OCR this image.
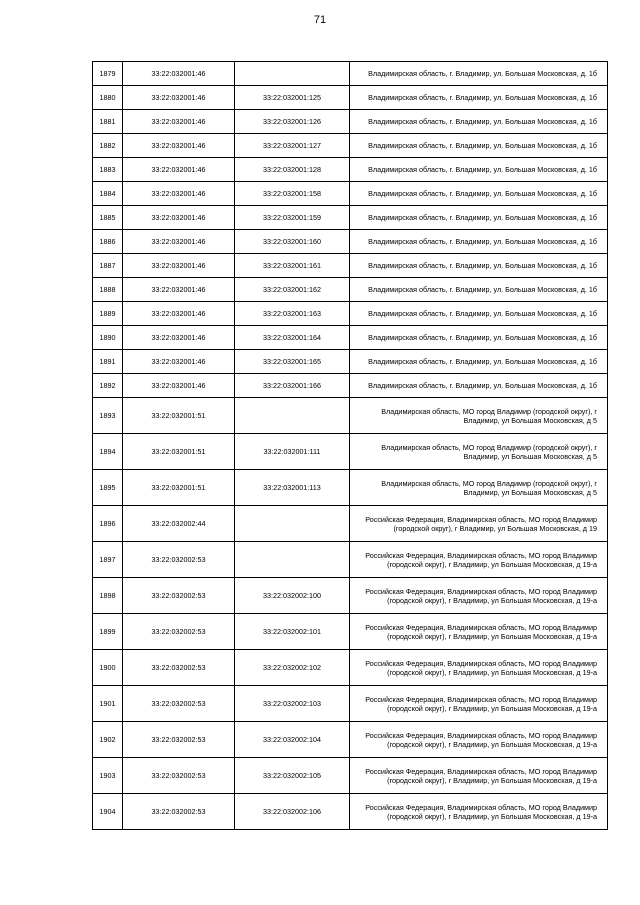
71
1879	33:22:032001:46		Владимирская область, г. Владимир, ул. Большая Московская, д. 1б
1880	33:22:032001:46	33:22:032001:125	Владимирская область, г. Владимир, ул. Большая Московская, д. 1б
1881	33:22:032001:46	33:22:032001:126	Владимирская область, г. Владимир, ул. Большая Московская, д. 1б
1882	33:22:032001:46	33:22:032001:127	Владимирская область, г. Владимир, ул. Большая Московская, д. 1б
1883	33:22:032001:46	33:22:032001:128	Владимирская область, г. Владимир, ул. Большая Московская, д. 1б
1884	33:22:032001:46	33:22:032001:158	Владимирская область, г. Владимир, ул. Большая Московская, д. 1б
1885	33:22:032001:46	33:22:032001:159	Владимирская область, г. Владимир, ул. Большая Московская, д. 1б
1886	33:22:032001:46	33:22:032001:160	Владимирская область, г. Владимир, ул. Большая Московская, д. 1б
1887	33:22:032001:46	33:22:032001:161	Владимирская область, г. Владимир, ул. Большая Московская, д. 1б
1888	33:22:032001:46	33:22:032001:162	Владимирская область, г. Владимир, ул. Большая Московская, д. 1б
1889	33:22:032001:46	33:22:032001:163	Владимирская область, г. Владимир, ул. Большая Московская, д. 1б
1890	33:22:032001:46	33:22:032001:164	Владимирская область, г. Владимир, ул. Большая Московская, д. 1б
1891	33:22:032001:46	33:22:032001:165	Владимирская область, г. Владимир, ул. Большая Московская, д. 1б
1892	33:22:032001:46	33:22:032001:166	Владимирская область, г. Владимир, ул. Большая Московская, д. 1б
1893	33:22:032001:51		Владимирская область, МО город Владимир (городской округ), г Владимир, ул Большая Московская, д 5
1894	33:22:032001:51	33:22:032001:111	Владимирская область, МО город Владимир (городской округ), г Владимир, ул Большая Московская, д 5
1895	33:22:032001:51	33:22:032001:113	Владимирская область, МО город Владимир (городской округ), г Владимир, ул Большая Московская, д 5
1896	33:22:032002:44		Российская Федерация, Владимирская область, МО город Владимир (городской округ), г Владимир, ул Большая Московская, д 19
1897	33:22:032002:53		Российская Федерация, Владимирская область, МО город Владимир (городской округ), г Владимир, ул Большая Московская, д 19-а
1898	33:22:032002:53	33:22:032002:100	Российская Федерация, Владимирская область, МО город Владимир (городской округ), г Владимир, ул Большая Московская, д 19-а
1899	33:22:032002:53	33:22:032002:101	Российская Федерация, Владимирская область, МО город Владимир (городской округ), г Владимир, ул Большая Московская, д 19-а
1900	33:22:032002:53	33:22:032002:102	Российская Федерация, Владимирская область, МО город Владимир (городской округ), г Владимир, ул Большая Московская, д 19-а
1901	33:22:032002:53	33:22:032002:103	Российская Федерация, Владимирская область, МО город Владимир (городской округ), г Владимир, ул Большая Московская, д 19-а
1902	33:22:032002:53	33:22:032002:104	Российская Федерация, Владимирская область, МО город Владимир (городской округ), г Владимир, ул Большая Московская, д 19-а
1903	33:22:032002:53	33:22:032002:105	Российская Федерация, Владимирская область, МО город Владимир (городской округ), г Владимир, ул Большая Московская, д 19-а
1904	33:22:032002:53	33:22:032002:106	Российская Федерация, Владимирская область, МО город Владимир (городской округ), г Владимир, ул Большая Московская, д 19-а
